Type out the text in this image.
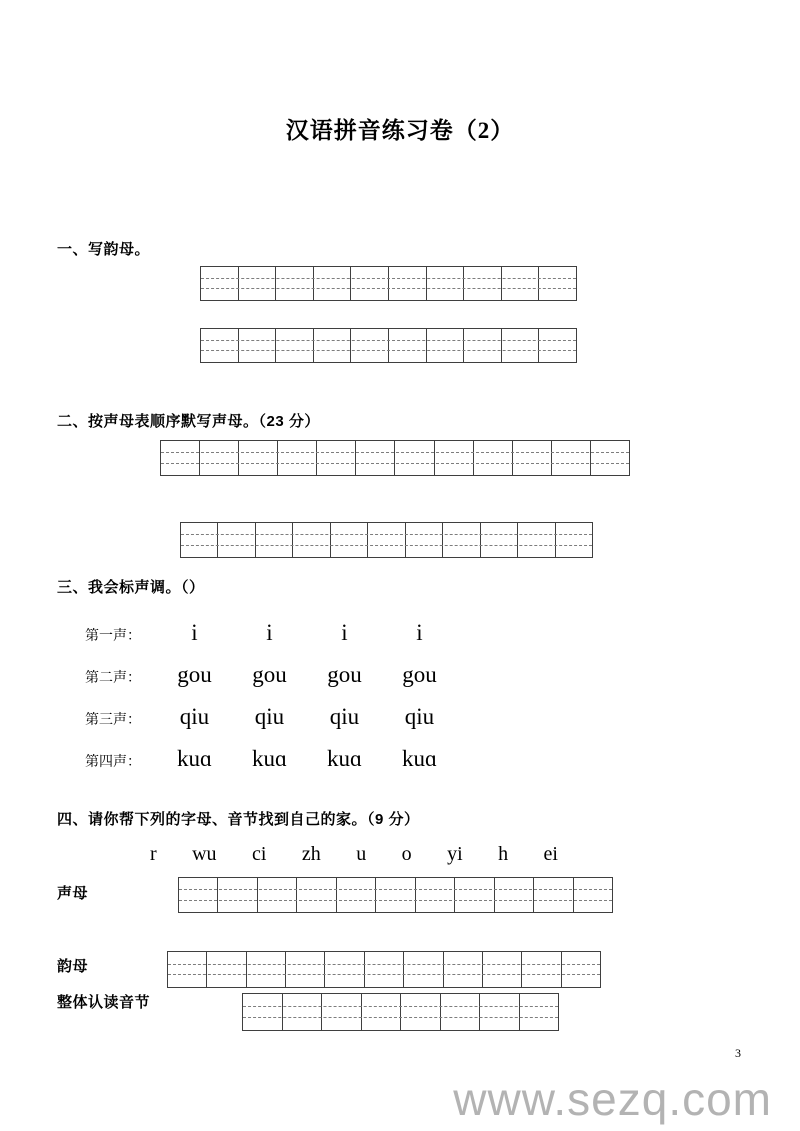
汉语拼音练习卷（2）
一、写韵母。
二、按声母表顺序默写声母。（23 分）
三、我会标声调。（）
第一声： i	i	i	i
第二声： gou gou gou gou
第三声： qiu qiu qiu qiu
第四声： kuɑ kuɑ kuɑ kuɑ
四、请你帮下列的字母、音节找到自己的家。（9 分）
r wu ci zh u o yi h ei
声母
韵母
整体认读音节
3
www.sezq.com
